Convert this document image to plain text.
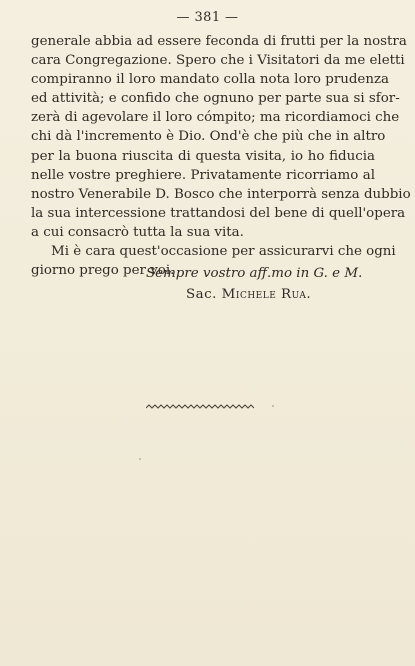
— 381 —
generale abbia ad essere feconda di frutti per la nostra
cara Congregazione. Spero che i Visitatori da me eletti
compiranno il loro mandato colla nota loro prudenza
ed attività; e confido che ognuno per parte sua si sfor-
zerà di agevolare il loro cómpito; ma ricordiamoci che
chi dà l'incremento è Dio. Ond'è che più che in altro
per la buona riuscita di questa visita, io ho fiducia
nelle vostre preghiere. Privatamente ricorriamo al
nostro Venerabile D. Bosco che interporrà senza dubbio
la sua intercessione trattandosi del bene di quell'opera
a cui consacrò tutta la sua vita.
Mi è cara quest'occasione per assicurarvi che ogni
giorno prego per voi.
Sempre vostro aff.mo in G. e M.
Sac. Michele Rua.
